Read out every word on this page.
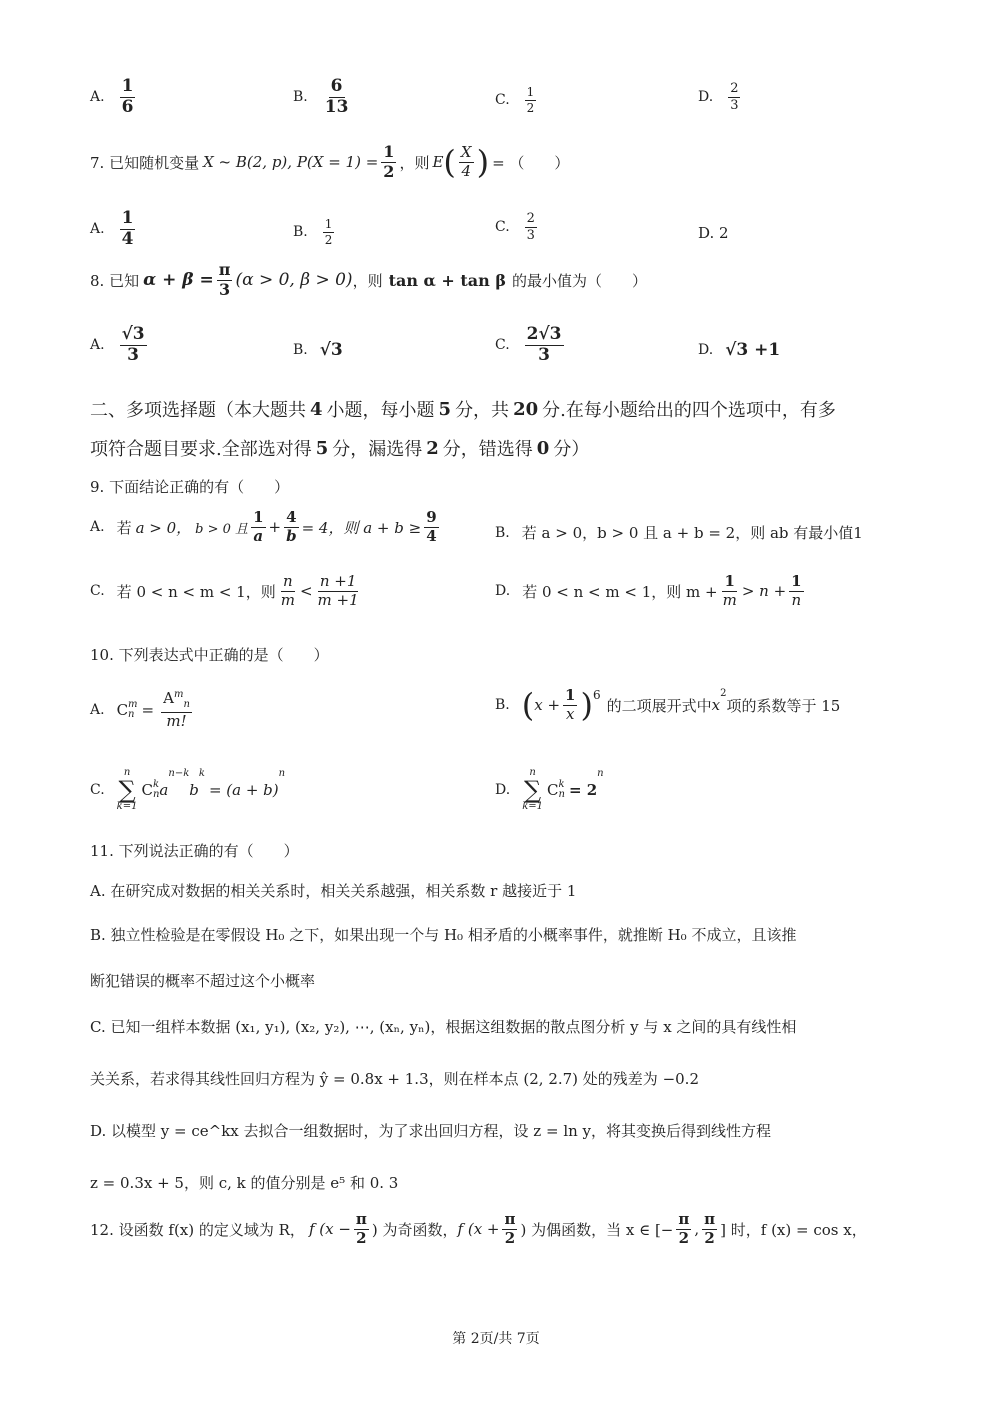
A. $\frac{1}{6}$	B. $\frac{6}{13}$	C. $\frac{1}{2}$	D. $\frac{2}{3}$
7. 已知随机变量 X ~ B(2, p), $P(X = 1) = \frac{1}{2}$ ，则 E ( $\frac{X}{4}$ ) = （　　）
A. $\frac{1}{4}$	B. $\frac{1}{2}$	C. $\frac{2}{3}$	D. 2
8. 已知 $\alpha + \beta = \frac{\pi}{3} (\alpha > 0$, β > 0) ，则 tan α + tan β 的最小值为（　　）
A. $\frac{√3}{3}$	B. √3	C. $\frac{2√3}{3}$	D. √3 +1
二、多项选择题（本大题共 4 小题，每小题 5 分，共 20 分.在每小题给出的四个选项中，有多
项符合题目要求.全部选对得 5 分，漏选得 2 分，错选得 0 分）
9. 下面结论正确的有（　　）
A. 若 a > 0， b > 0 且 $\frac{1}{a} + \frac{4}{b} = 4$，则 $a + b \ge \frac{9}{4}$	B. 若 a > 0，b > 0 且 a + b = 2，则 ab 有最小值1
C. 若 0 < n < m < 1，则 $\frac{n}{m} < \frac{n +1}{m +1}$	D. 若 0 < n < m < 1，则 $m + \frac{1}{m} > n + \frac{1}{n}$
10. 下列表达式中正确的是（　　）
A. C m
$n = \frac{A^m_n}{m!}$	B. ( $x + \frac{1}{x} )^6$
的二项展开式中 x
$^2$
项的系数等于 15
C.
n
∑
k=1
C k
n a
n−k
b
k
= (a + b)
n
D.
n
∑
k=1
C k
n = 2
n
11. 下列说法正确的有（　　）
A. 在研究成对数据的相关关系时，相关关系越强，相关系数 r 越接近于 1
B. 独立性检验是在零假设 H₀ 之下，如果出现一个与 H₀ 相矛盾的小概率事件，就推断 H₀ 不成立，且该推
断犯错误的概率不超过这个小概率
C. 已知一组样本数据 (x₁, y₁), (x₂, y₂), ⋯, (xₙ, yₙ)，根据这组数据的散点图分析 y 与 x 之间的具有线性相
关关系，若求得其线性回归方程为 ŷ = 0.8x + 1.3，则在样本点 (2, 2.7) 处的残差为 −0.2
D. 以模型 y = ce^kx 去拟合一组数据时，为了求出回归方程，设 z = ln y，将其变换后得到线性方程
z = 0.3x + 5，则 c, k 的值分别是 e⁵ 和 0. 3
12. 设函数 f(x) 的定义域为 R， f ($x - \frac{\pi}{2}$ ) 为奇函数， f ($x + \frac{\pi}{2}$ ) 为偶函数，当 x ∈ [− $\frac{\pi}{2}$ , $\frac{\pi}{2}$ ] 时，f (x) = cos x，
第 2页/共 7页
